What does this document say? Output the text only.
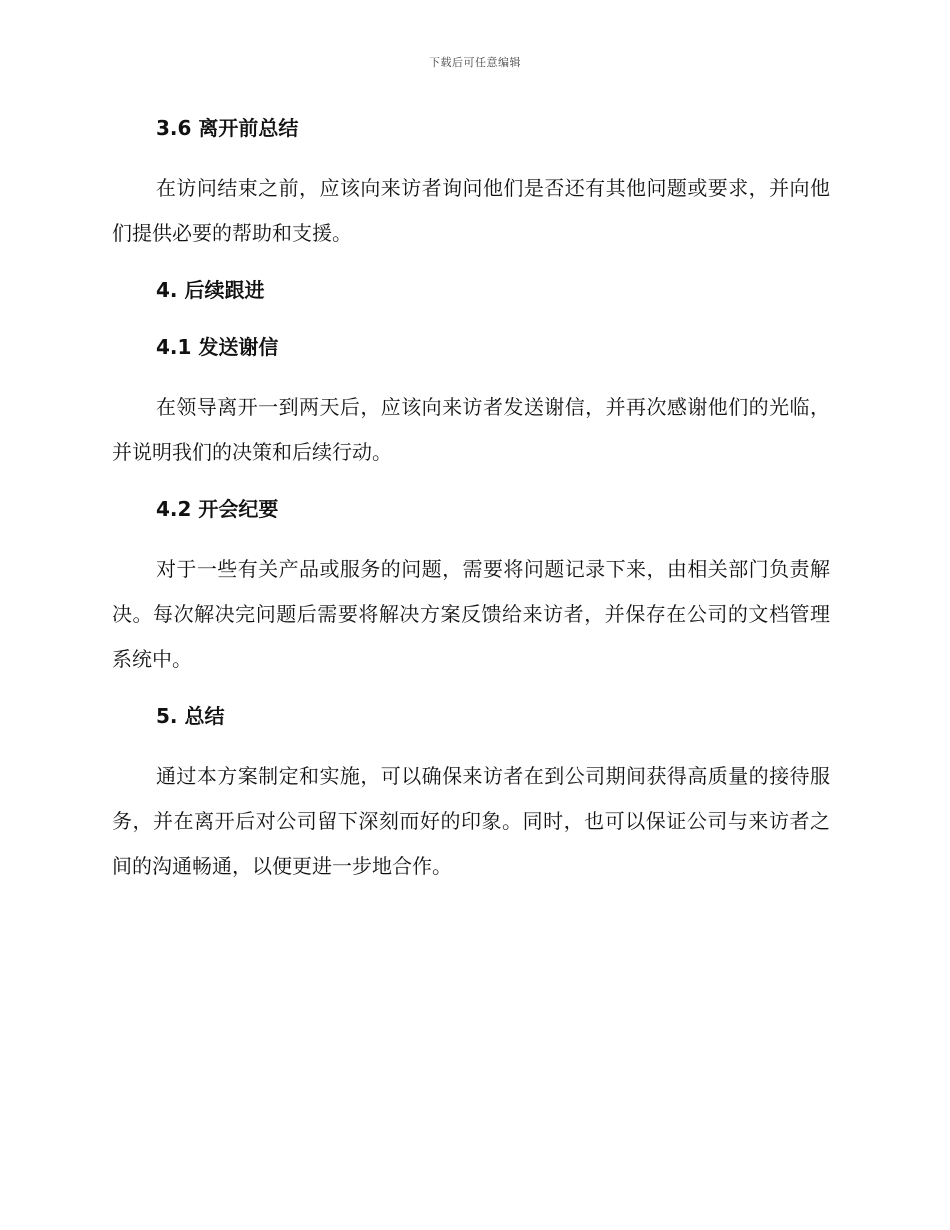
下载后可任意编辑
3.6 离开前总结

在访问结束之前，应该向来访者询问他们是否还有其他问题或要求，并向他们提供必要的帮助和支援。

4. 后续跟进
4.1 发送谢信

在领导离开一到两天后，应该向来访者发送谢信，并再次感谢他们的光临，并说明我们的决策和后续行动。

4.2 开会纪要

对于一些有关产品或服务的问题，需要将问题记录下来，由相关部门负责解决。每次解决完问题后需要将解决方案反馈给来访者，并保存在公司的文档管理系统中。

5. 总结

通过本方案制定和实施，可以确保来访者在到公司期间获得高质量的接待服务，并在离开后对公司留下深刻而好的印象。同时，也可以保证公司与来访者之间的沟通畅通，以便更进一步地合作。
